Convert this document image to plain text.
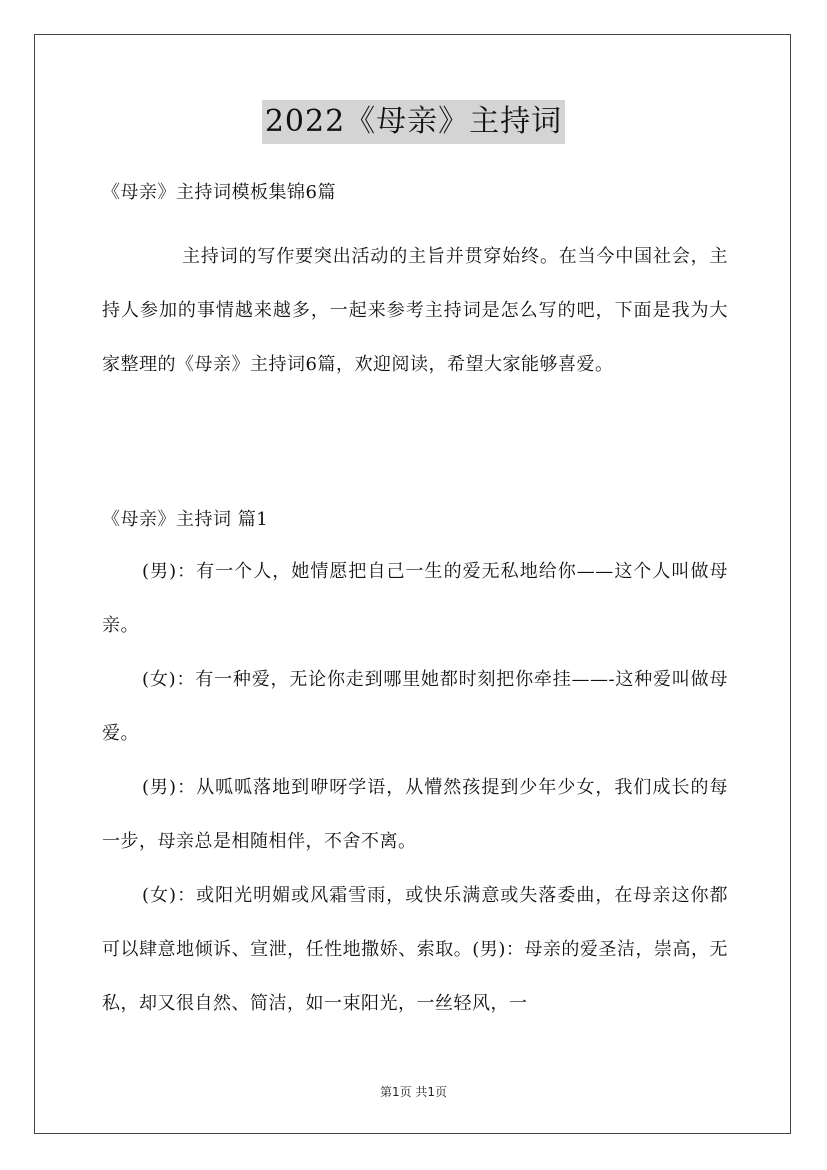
2022《母亲》主持词

《母亲》主持词模板集锦6篇

主持词的写作要突出活动的主旨并贯穿始终。在当今中国社会，主持人参加的事情越来越多，一起来参考主持词是怎么写的吧，下面是我为大家整理的《母亲》主持词6篇，欢迎阅读，希望大家能够喜爱。

《母亲》主持词 篇1

(男)：有一个人，她情愿把自己一生的爱无私地给你——这个人叫做母亲。

(女)：有一种爱，无论你走到哪里她都时刻把你牵挂——-这种爱叫做母爱。

(男)：从呱呱落地到咿呀学语，从懵然孩提到少年少女，我们成长的每一步，母亲总是相随相伴，不舍不离。

(女)：或阳光明媚或风霜雪雨，或快乐满意或失落委曲，在母亲这你都可以肆意地倾诉、宣泄，任性地撒娇、索取。(男)：母亲的爱圣洁，崇高，无私，却又很自然、简洁，如一束阳光，一丝轻风，一

第1页 共1页
